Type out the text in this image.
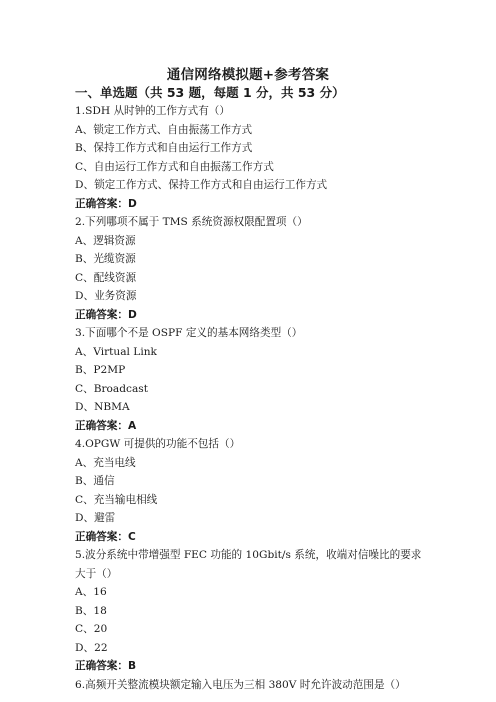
通信网络模拟题+参考答案
一、单选题（共 53 题，每题 1 分，共 53 分）
1.SDH 从时钟的工作方式有（）
A、锁定工作方式、自由振荡工作方式
B、保持工作方式和自由运行工作方式
C、自由运行工作方式和自由振荡工作方式
D、锁定工作方式、保持工作方式和自由运行工作方式
正确答案：D
2.下列哪项不属于 TMS 系统资源权限配置项（）
A、逻辑资源
B、光缆资源
C、配线资源
D、业务资源
正确答案：D
3.下面哪个不是 OSPF 定义的基本网络类型（）
A、Virtual Link
B、P2MP
C、Broadcast
D、NBMA
正确答案：A
4.OPGW 可提供的功能不包括（）
A、充当电线
B、通信
C、充当输电相线
D、避雷
正确答案：C
5.波分系统中带增强型 FEC 功能的 10Gbit/s 系统，收端对信噪比的要求大于（）
A、16
B、18
C、20
D、22
正确答案：B
6.高频开关整流模块额定输入电压为三相 380V 时允许波动范围是（）
